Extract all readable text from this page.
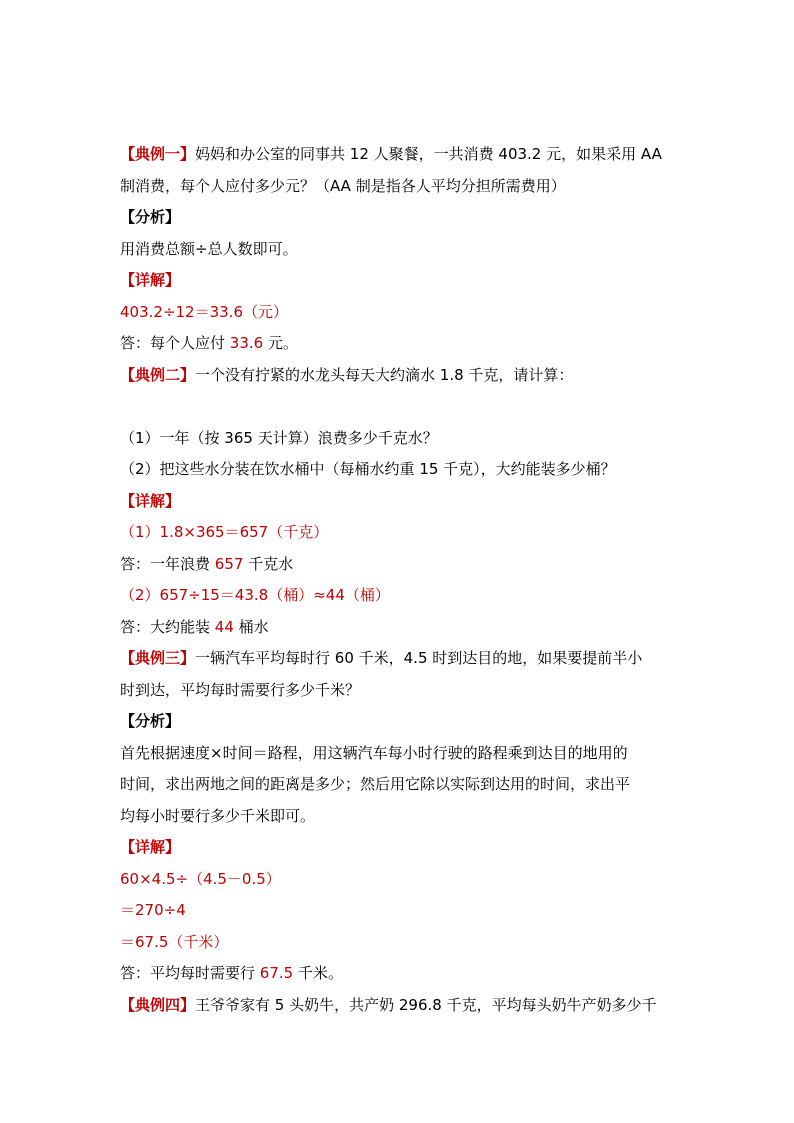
【典例一】妈妈和办公室的同事共 12 人聚餐，一共消费 403.2 元，如果采用 AA
制消费，每个人应付多少元？（AA 制是指各人平均分担所需费用）
【分析】
用消费总额÷总人数即可。
【详解】
403.2÷12＝33.6（元）
答：每个人应付 33.6 元。
【典例二】一个没有拧紧的水龙头每天大约滴水 1.8 千克，请计算：
（1）一年（按 365 天计算）浪费多少千克水？
（2）把这些水分装在饮水桶中（每桶水约重 15 千克），大约能装多少桶？
【详解】
（1）1.8×365＝657（千克）
答：一年浪费 657 千克水
（2）657÷15＝43.8（桶）≈44（桶）
答：大约能装 44 桶水
【典例三】一辆汽车平均每时行 60 千米，4.5 时到达目的地，如果要提前半小
时到达，平均每时需要行多少千米？
【分析】
首先根据速度×时间＝路程，用这辆汽车每小时行驶的路程乘到达目的地用的
时间，求出两地之间的距离是多少；然后用它除以实际到达用的时间，求出平
均每小时要行多少千米即可。
【详解】
60×4.5÷（4.5－0.5）
＝270÷4
＝67.5（千米）
答：平均每时需要行 67.5 千米。
【典例四】王爷爷家有 5 头奶牛，共产奶 296.8 千克，平均每头奶牛产奶多少千
